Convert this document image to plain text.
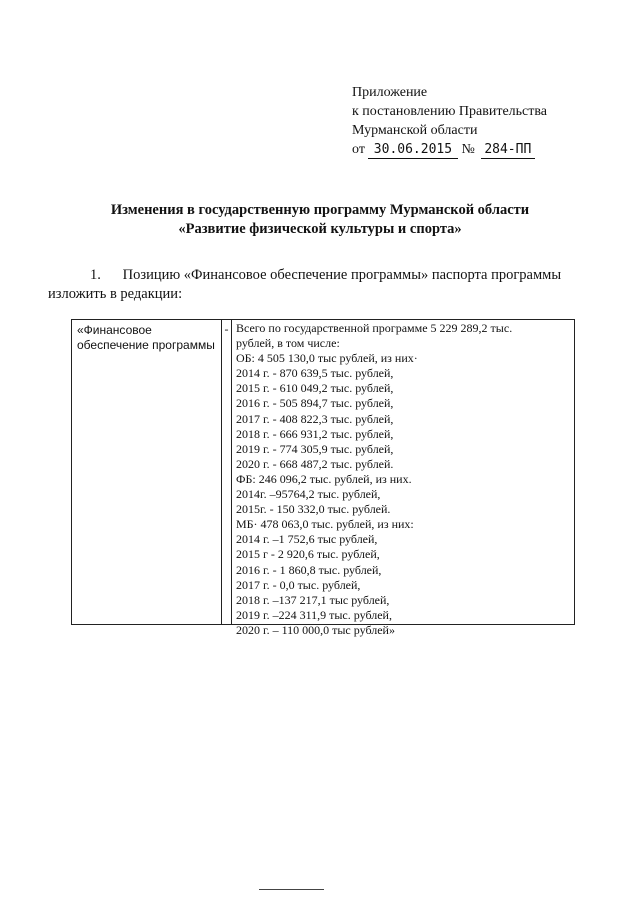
Приложение
к постановлению Правительства
Мурманской области
от 30.06.2015 № 284-ПП
Изменения в государственную программу Мурманской области
«Развитие физической культуры и спорта»
1. Позицию «Финансовое обеспечение программы» паспорта программы
изложить в редакции:
«Финансовое
обеспечение программы
- Всего по государственной программе 5 229 289,2 тыс.
рублей, в том числе:
ОБ: 4 505 130,0 тыс рублей, из них·
2014 г. - 870 639,5 тыс. рублей,
2015 г. - 610 049,2 тыс. рублей,
2016 г. - 505 894,7 тыс. рублей,
2017 г. - 408 822,3 тыс. рублей,
2018 г. - 666 931,2 тыс. рублей,
2019 г. - 774 305,9 тыс. рублей,
2020 г. - 668 487,2 тыс. рублей.
ФБ: 246 096,2 тыс. рублей, из них.
2014г. –95764,2 тыс. рублей,
2015г. - 150 332,0 тыс. рублей.
МБ· 478 063,0 тыс. рублей, из них:
2014 г. –1 752,6 тыс рублей,
2015 г - 2 920,6 тыс. рублей,
2016 г. - 1 860,8 тыс. рублей,
2017 г. - 0,0 тыс. рублей,
2018 г. –137 217,1 тыс рублей,
2019 г. –224 311,9 тыс. рублей,
2020 г. – 110 000,0 тыс рублей»
